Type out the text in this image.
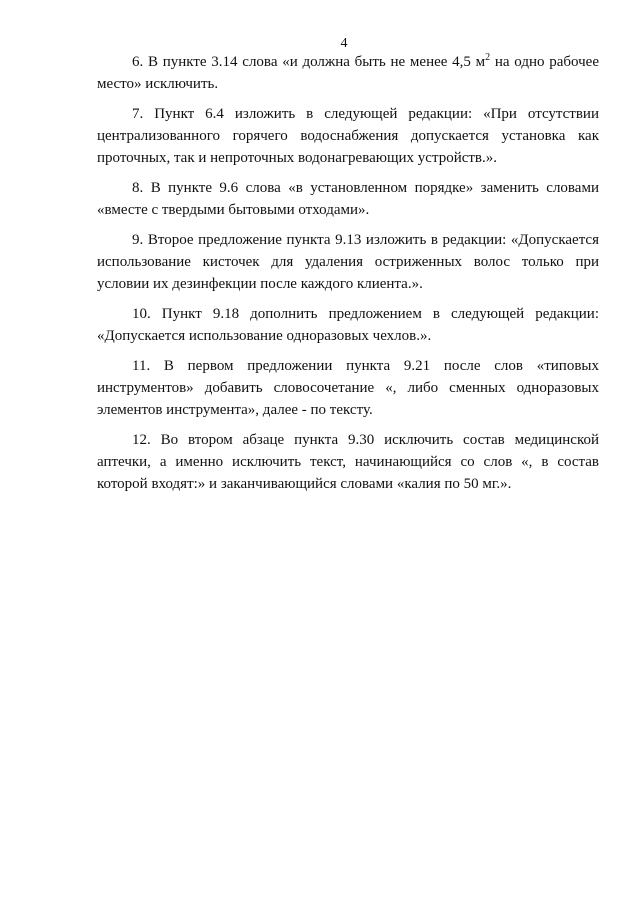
4

6. В пункте 3.14 слова «и должна быть не менее 4,5 $м^2$ на одно рабочее место» исключить.

7. Пункт 6.4 изложить в следующей редакции: «При отсутствии централизованного горячего водоснабжения допускается установка как проточных, так и непроточных водонагревающих устройств.».

8. В пункте 9.6 слова «в установленном порядке» заменить словами «вместе с твердыми бытовыми отходами».

9. Второе предложение пункта 9.13 изложить в редакции: «Допускается использование кисточек для удаления остриженных волос только при условии их дезинфекции после каждого клиента.».

10. Пункт 9.18 дополнить предложением в следующей редакции: «Допускается использование одноразовых чехлов.».

11. В первом предложении пункта 9.21 после слов «типовых инструментов» добавить словосочетание «, либо сменных одноразовых элементов инструмента», далее - по тексту.

12. Во втором абзаце пункта 9.30 исключить состав медицинской аптечки, а именно исключить текст, начинающийся со слов «, в состав которой входят:» и заканчивающийся словами «калия по 50 мг.».
